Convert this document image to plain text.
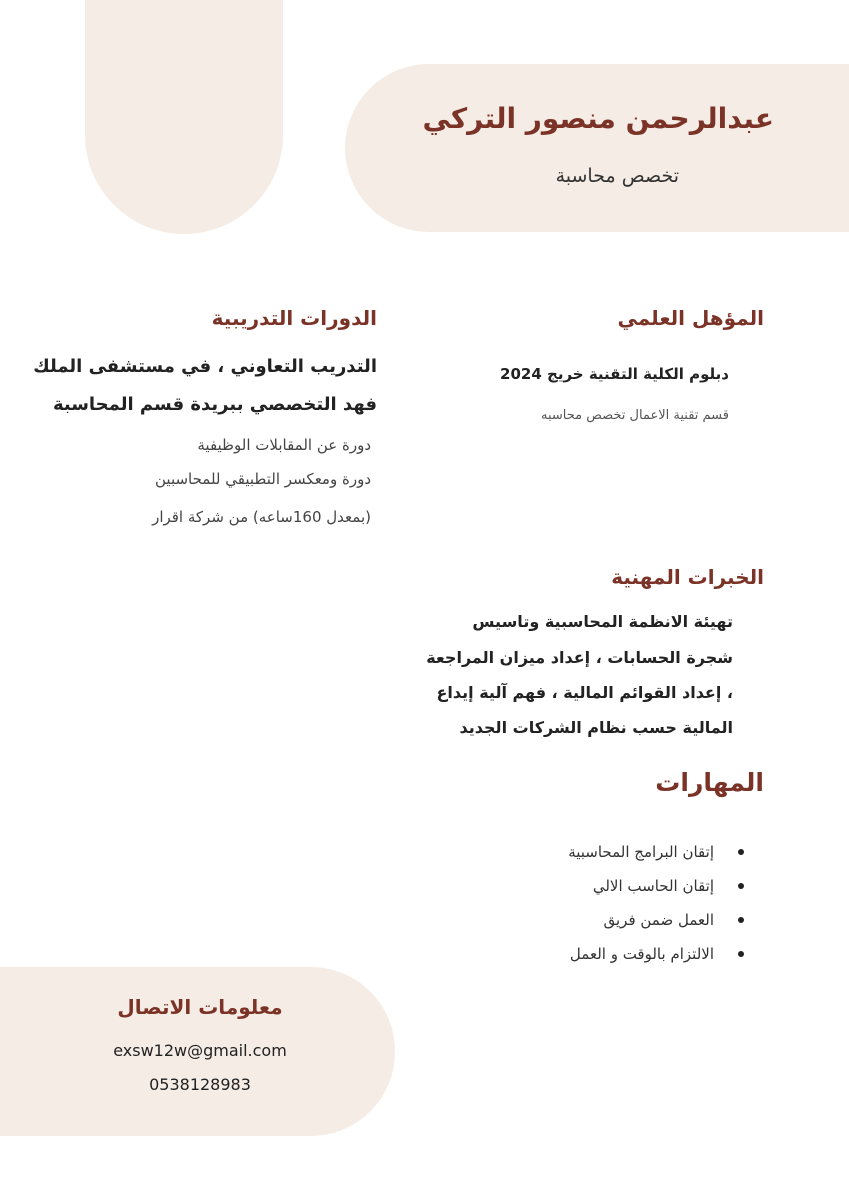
عبدالرحمن منصور التركي
تخصص محاسبة
المؤهل العلمي
دبلوم الكلية التقنية خريج 2024
قسم تقنية الاعمال تخصص محاسبه
الدورات التدريبية
التدريب التعاوني ، في مستشفى الملك
فهد التخصصي ببريدة قسم المحاسبة
دورة عن المقابلات الوظيفية
دورة ومعكسر التطبيقي للمحاسبين
(بمعدل 160ساعه) من شركة اقرار
الخبرات المهنية
تهيئة الانظمة المحاسبية وتاسيس
شجرة الحسابات ، إعداد ميزان المراجعة
، إعداد القوائم المالية ، فهم آلية إيداع
المالية حسب نظام الشركات الجديد
المهارات
إتقان البرامج المحاسبية
إتقان الحاسب الالي
العمل ضمن فريق
الالتزام بالوقت و العمل
معلومات الاتصال
exsw12w@gmail.com
0538128983
